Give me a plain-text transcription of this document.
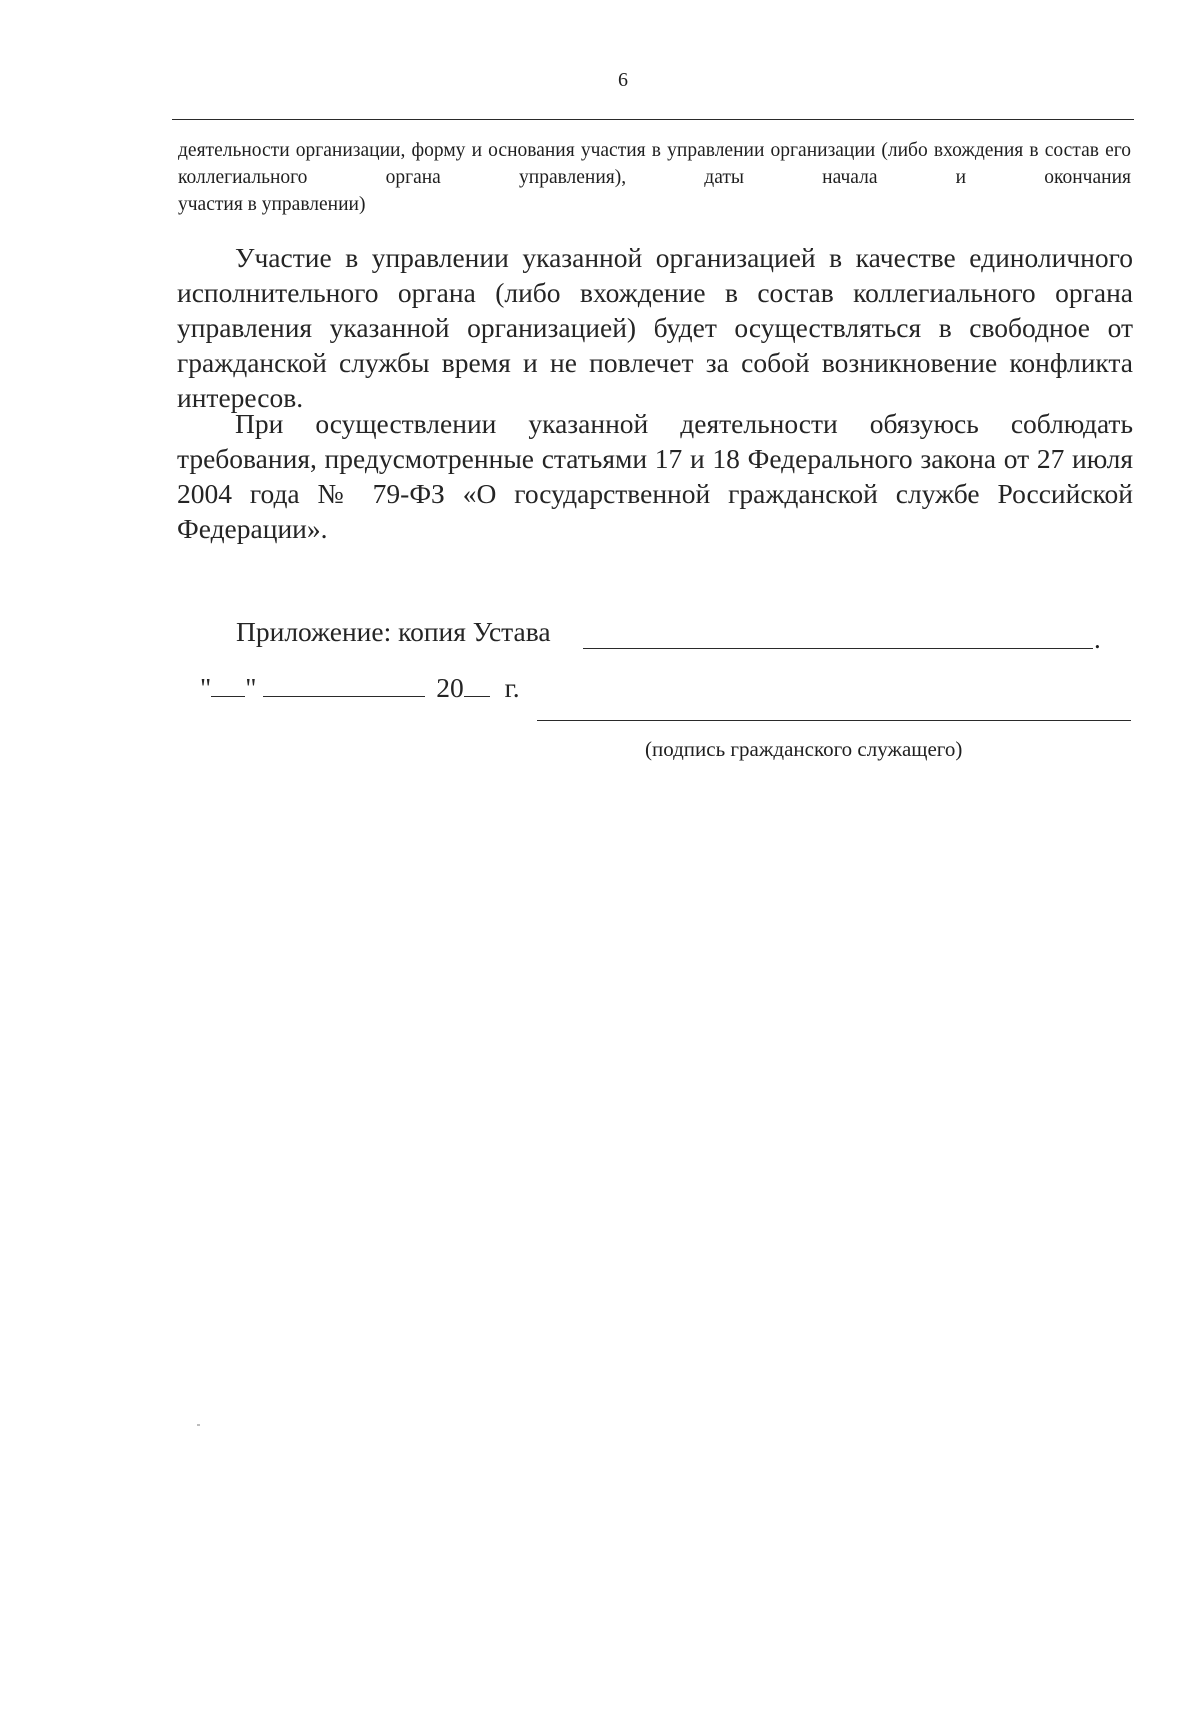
6
деятельности организации, форму и основания участия в управлении организации (либо вхождения в состав его коллегиального органа управления), даты начала и окончания
участия в управлении)

Участие в управлении указанной организацией в качестве единоличного исполнительного органа (либо вхождение в состав коллегиального органа управления указанной организацией) будет осуществляться в свободное от гражданской службы время и не повлечет за собой возникновение конфликта интересов.

При осуществлении указанной деятельности обязуюсь соблюдать требования, предусмотренные статьями 17 и 18 Федерального закона от 27 июля 2004 года № 79-ФЗ «О государственной гражданской службе Российской Федерации».

Приложение: копия Устава	.
" "	20 г.
(подпись гражданского служащего)
